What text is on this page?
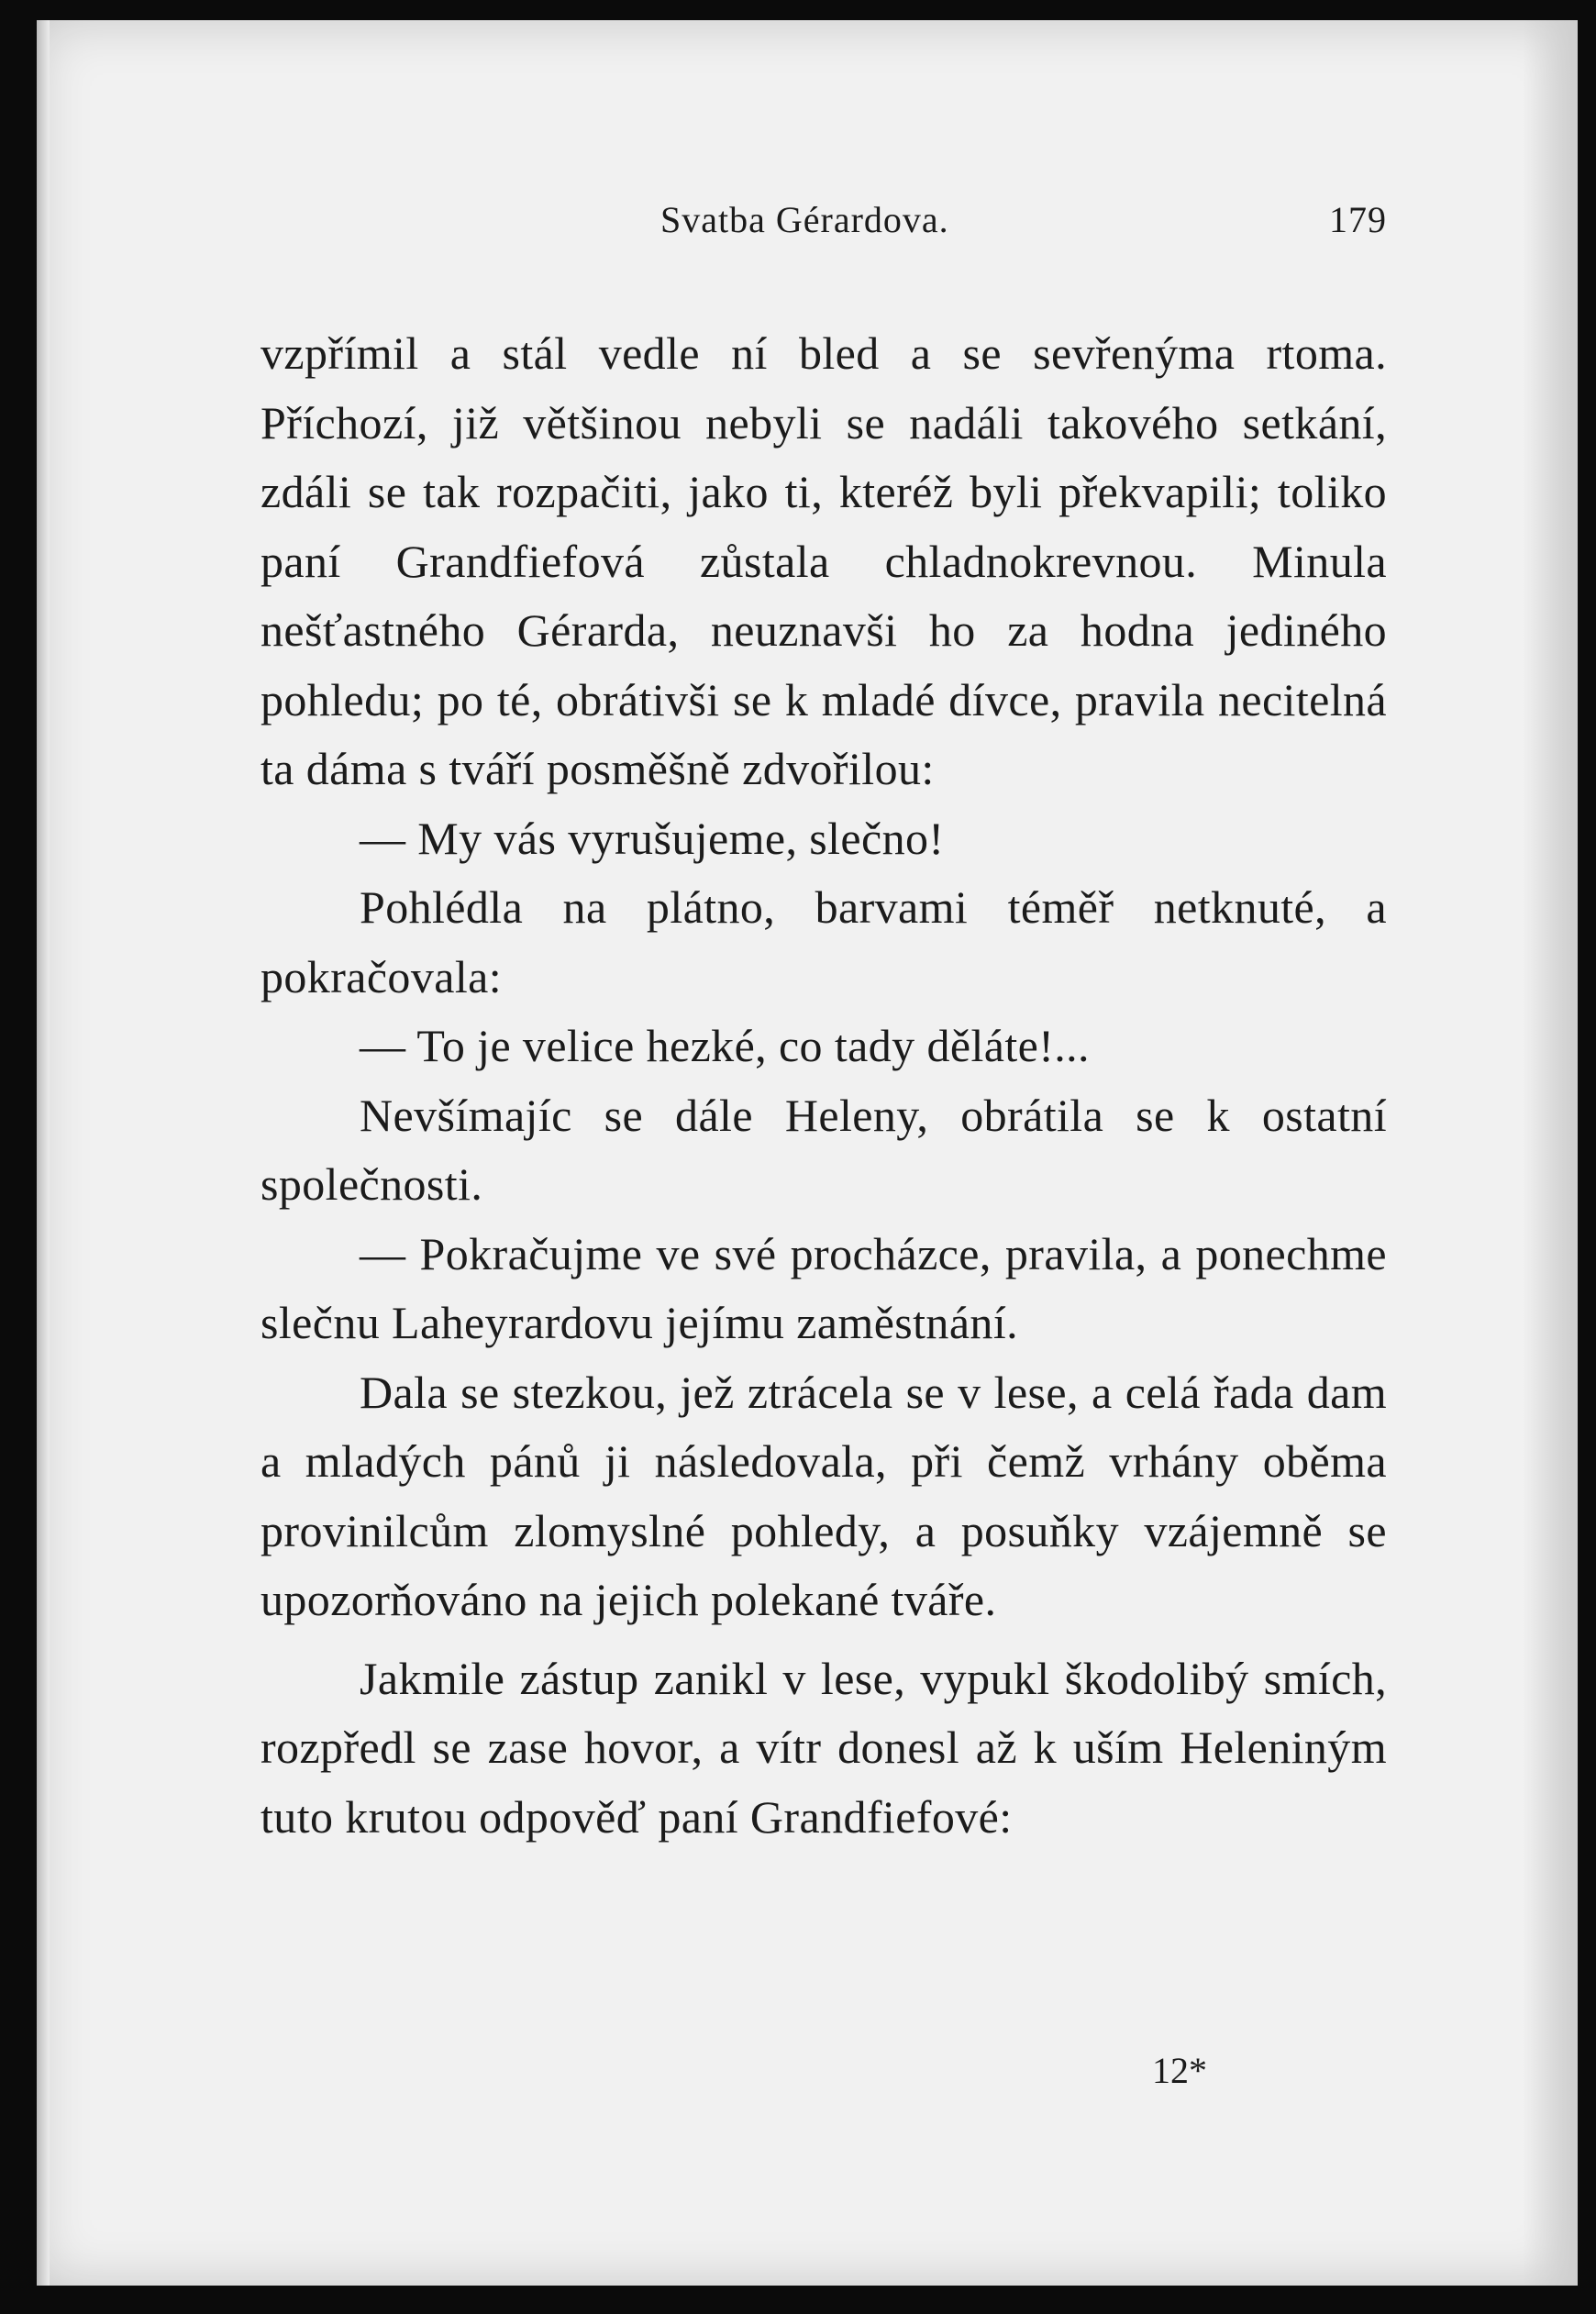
Svatba Gérardova.	179

vzpřímil a stál vedle ní bled a se sevřenýma rtoma. Příchozí, již většinou nebyli se nadáli takového setkání, zdáli se tak rozpačiti, jako ti, kteréž byli překvapili; toliko paní Grandfiefová zůstala chladnokrevnou. Minula nešťastného Gérarda, neuznavši ho za hodna jediného pohledu; po té, obrátivši se k mladé dívce, pravila necitelná ta dáma s tváří posměšně zdvořilou:

— My vás vyrušujeme, slečno!

Pohlédla na plátno, barvami téměř netknuté, a pokračovala:

— To je velice hezké, co tady děláte!...

Nevšímajíc se dále Heleny, obrátila se k ostatní společnosti.

— Pokračujme ve své procházce, pravila, a ponechme slečnu Laheyrardovu jejímu zaměstnání.

Dala se stezkou, jež ztrácela se v lese, a celá řada dam a mladých pánů ji následovala, při čemž vrhány oběma provinilcům zlomyslné pohledy, a posuňky vzájemně se upozorňováno na jejich polekané tváře.

Jakmile zástup zanikl v lese, vypukl škodolibý smích, rozpředl se zase hovor, a vítr donesl až k uším Heleniným tuto krutou odpověď paní Grandfiefové:

12*
